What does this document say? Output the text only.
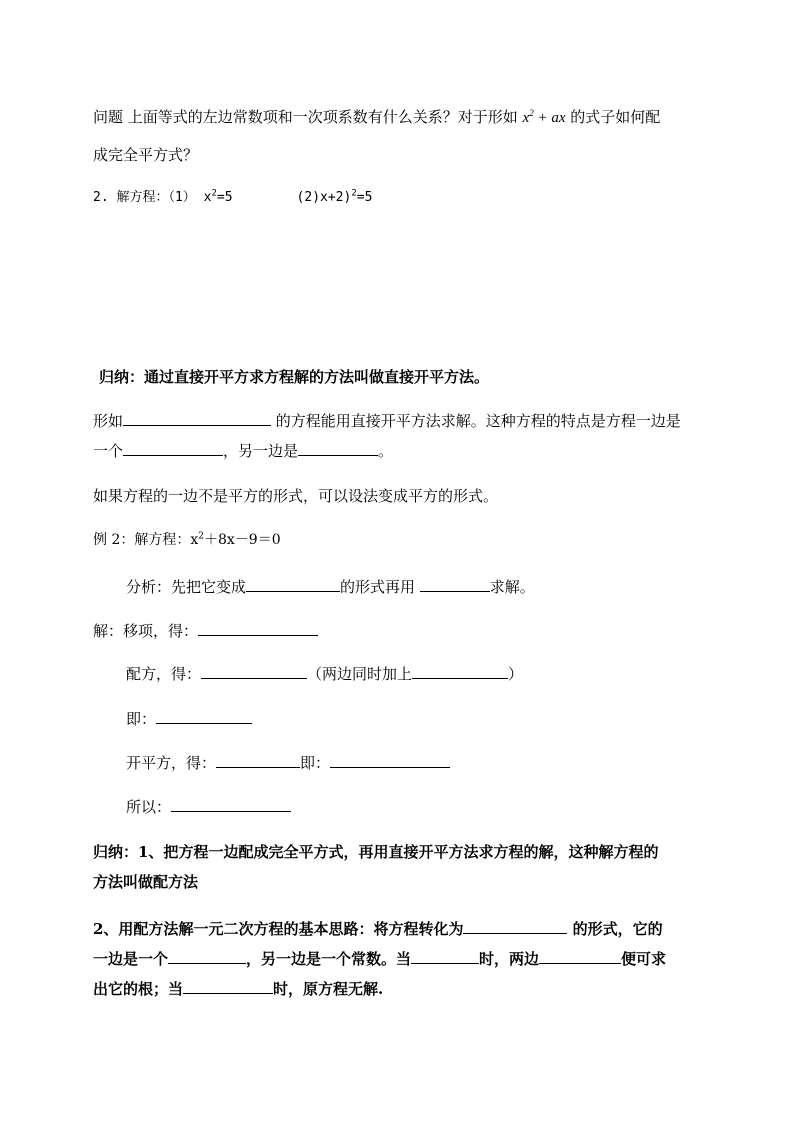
问题 上面等式的左边常数项和一次项系数有什么关系？对于形如 $x^2$ + ax 的式子如何配
成完全平方式？
2. 解方程：（1） $x^2=5$	(2)x+2)$^2$=5
归纳：通过直接开平方求方程解的方法叫做直接开平方法。
形如	的方程能用直接开平方法求解。这种方程的特点是方程一边是
一个	，另一边是	。
如果方程的一边不是平方的形式，可以设法变成平方的形式。
例 2：解方程：$x^2+8x-9=0$
分析：先把它变成	的形式再用	求解。
解：移项，得：
配方，得：	（两边同时加上	）
即：
开平方，得：	即：
所以：
归纳：1、把方程一边配成完全平方式，再用直接开平方法求方程的解，这种解方程的
方法叫做配方法
2、用配方法解一元二次方程的基本思路：将方程转化为	的形式，它的
一边是一个	，另一边是一个常数。当	时，两边	便可求
出它的根；当	时，原方程无解.
